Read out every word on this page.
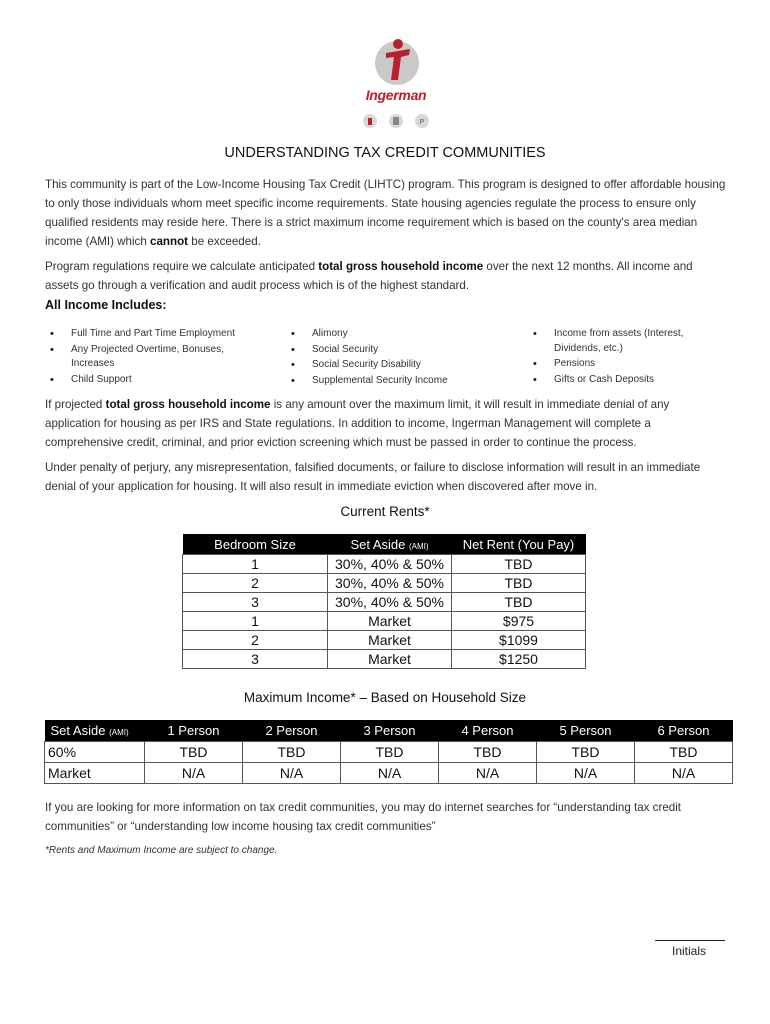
Ingerman
P
UNDERSTANDING TAX CREDIT COMMUNITIES
This community is part of the Low-Income Housing Tax Credit (LIHTC) program. This program is designed to offer affordable housing to only those individuals whom meet specific income requirements. State housing agencies regulate the process to ensure only qualified residents may reside here. There is a strict maximum income requirement which is based on the county's area median income (AMI) which cannot be exceeded.
Program regulations require we calculate anticipated total gross household income over the next 12 months. All income and assets go through a verification and audit process which is of the highest standard.
All Income Includes:
• Full Time and Part Time Employment
• Any Projected Overtime, Bonuses, Increases
• Child Support
• Alimony
• Social Security
• Social Security Disability
• Supplemental Security Income
• Income from assets (Interest, Dividends, etc.)
• Pensions
• Gifts or Cash Deposits
If projected total gross household income is any amount over the maximum limit, it will result in immediate denial of any application for housing as per IRS and State regulations. In addition to income, Ingerman Management will complete a comprehensive credit, criminal, and prior eviction screening which must be passed in order to continue the process.
Under penalty of perjury, any misrepresentation, falsified documents, or failure to disclose information will result in an immediate denial of your application for housing. It will also result in immediate eviction when discovered after move in.
Current Rents*
Bedroom Size	Set Aside (AMI)	Net Rent (You Pay)
1	30%, 40% & 50%	TBD
2	30%, 40% & 50%	TBD
3	30%, 40% & 50%	TBD
1	Market	$975
2	Market	$1099
3	Market	$1250
Maximum Income* – Based on Household Size
Set Aside (AMI)	1 Person	2 Person	3 Person	4 Person	5 Person	6 Person
60%	TBD	TBD	TBD	TBD	TBD	TBD
Market	N/A	N/A	N/A	N/A	N/A	N/A
If you are looking for more information on tax credit communities, you may do internet searches for “understanding tax credit communities” or “understanding low income housing tax credit communities”
*Rents and Maximum Income are subject to change.
Initials
